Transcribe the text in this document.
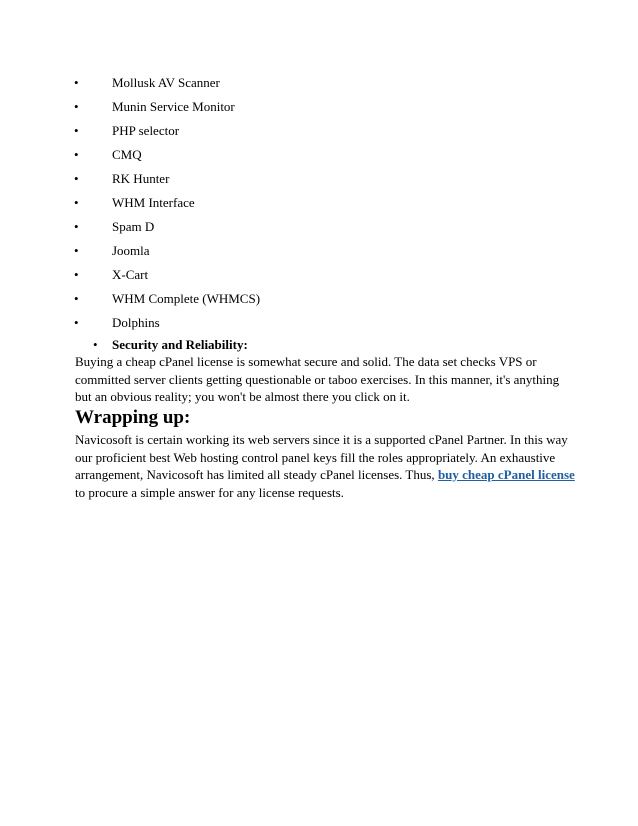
•	Mollusk AV Scanner
•	Munin Service Monitor
•	PHP selector
•	CMQ
•	RK Hunter
•	WHM Interface
•	Spam D
•	Joomla
•	X-Cart
•	WHM Complete (WHMCS)
•	Dolphins
• Security and Reliability:

Buying a cheap cPanel license is somewhat secure and solid. The data set checks VPS or committed server clients getting questionable or taboo exercises. In this manner, it's anything but an obvious reality; you won't be almost there you click on it.

Wrapping up:

Navicosoft is certain working its web servers since it is a supported cPanel Partner. In this way our proficient best Web hosting control panel keys fill the roles appropriately. An exhaustive arrangement, Navicosoft has limited all steady cPanel licenses. Thus, buy cheap cPanel license to procure a simple answer for any license requests.
